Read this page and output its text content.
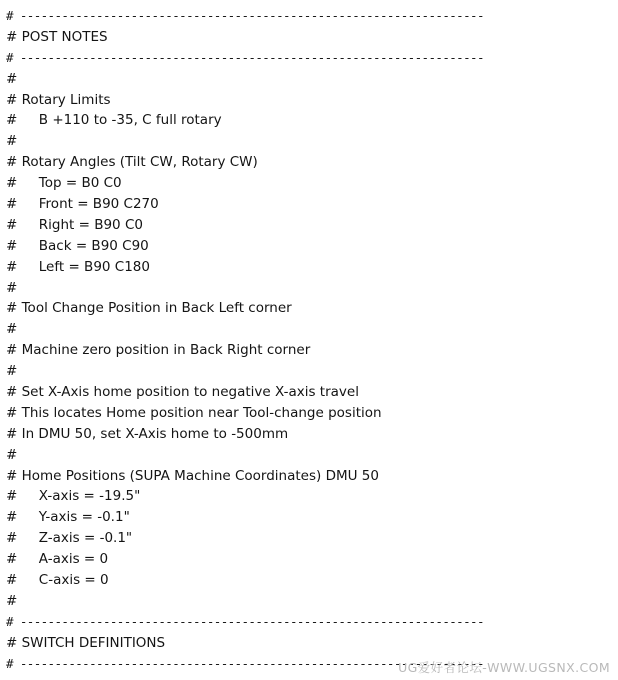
# -------------------------------------------------------------------
# POST NOTES
# -------------------------------------------------------------------
#
# Rotary Limits
#     B +110 to -35, C full rotary
#
# Rotary Angles (Tilt CW, Rotary CW)
#     Top = B0 C0
#     Front = B90 C270
#     Right = B90 C0
#     Back = B90 C90
#     Left = B90 C180
#
# Tool Change Position in Back Left corner
#
# Machine zero position in Back Right corner
#
# Set X-Axis home position to negative X-axis travel
# This locates Home position near Tool-change position
# In DMU 50, set X-Axis home to -500mm
#
# Home Positions (SUPA Machine Coordinates) DMU 50
#     X-axis = -19.5"
#     Y-axis = -0.1"
#     Z-axis = -0.1"
#     A-axis = 0
#     C-axis = 0
#
# -------------------------------------------------------------------
# SWITCH DEFINITIONS
# -------------------------------------------------------------------
UG爱好者论坛-WWW.UGSNX.COM
